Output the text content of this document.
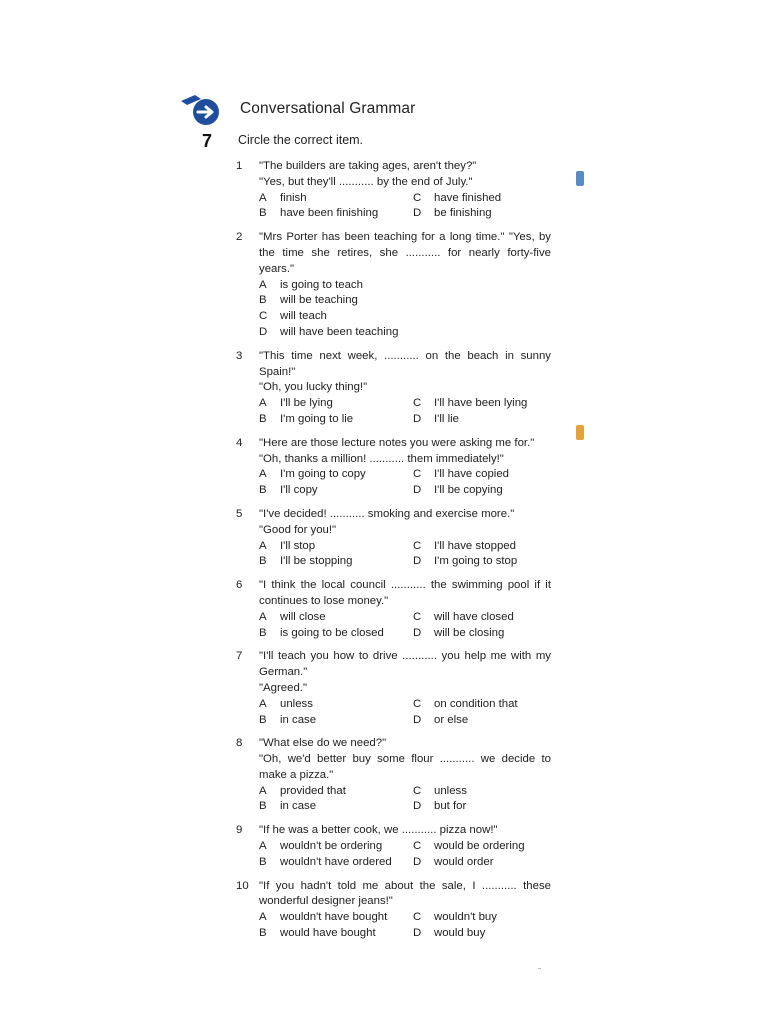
Conversational Grammar
7 Circle the correct item.
1	"The builders are taking ages, aren't they?"
"Yes, but they'll ........... by the end of July."
A finish	C have finished
B have been finishing	D be finishing
2	"Mrs Porter has been teaching for a long time." "Yes, by the time she retires, she ........... for nearly forty-five years."
A is going to teach
B will be teaching
C will teach
D will have been teaching
3	"This time next week, ........... on the beach in sunny Spain!"
"Oh, you lucky thing!"
A I'll be lying	C I'll have been lying
B I'm going to lie	D I'll lie
4	"Here are those lecture notes you were asking me for."
"Oh, thanks a million! ........... them immediately!"
A I'm going to copy	C I'll have copied
B I'll copy	D I'll be copying
5	"I've decided! ........... smoking and exercise more."
"Good for you!"
A I'll stop	C I'll have stopped
B I'll be stopping	D I'm going to stop
6	"I think the local council ........... the swimming pool if it continues to lose money."
A will close	C will have closed
B is going to be closed	D will be closing
7	"I'll teach you how to drive ........... you help me with my German."
"Agreed."
A unless	C on condition that
B in case	D or else
8	"What else do we need?"
"Oh, we'd better buy some flour ........... we decide to make a pizza."
A provided that	C unless
B in case	D but for
9	"If he was a better cook, we ........... pizza now!"
A wouldn't be ordering	C would be ordering
B wouldn't have ordered	D would order
10 "If you hadn't told me about the sale, I ........... these wonderful designer jeans!"
A wouldn't have bought	C wouldn't buy
B would have bought	D would buy
